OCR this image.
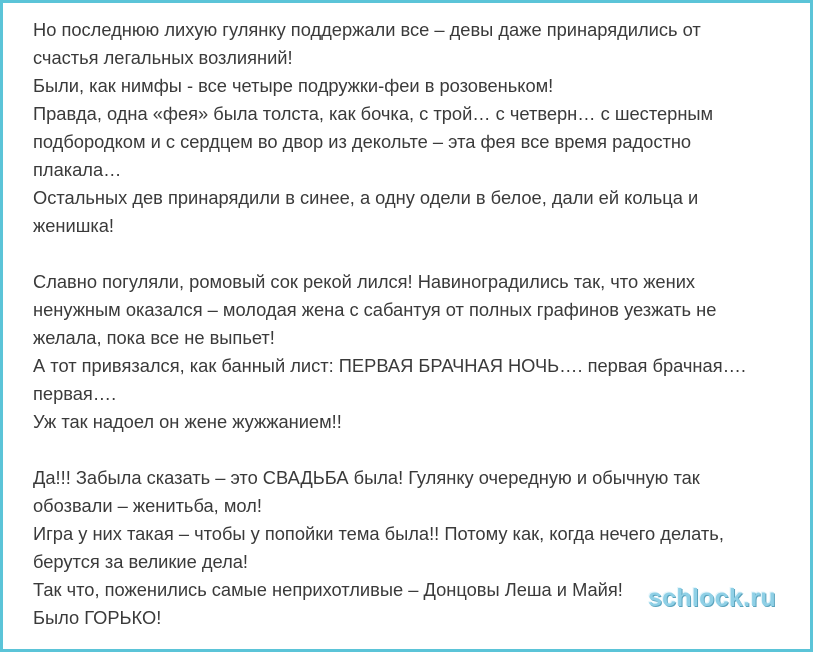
Но последнюю лихую гулянку поддержали все – девы даже принарядились от

счастья легальных возлияний!

Были, как нимфы - все четыре подружки-феи в розовеньком!

Правда, одна «фея» была толста, как бочка, с трой… с четверн… с шестерным

подбородком и с сердцем во двор из декольте – эта фея все время радостно

плакала…

Остальных дев принарядили в синее, а одну одели в белое, дали ей кольца и

женишка!

Славно погуляли, ромовый сок рекой лился! Навиноградились так, что жених

ненужным оказался – молодая жена с сабантуя от полных графинов уезжать не

желала, пока все не выпьет!

А тот привязался, как банный лист: ПЕРВАЯ БРАЧНАЯ НОЧЬ…. первая брачная….

первая….

Уж так надоел он жене жужжанием!!

Да!!! Забыла сказать – это СВАДЬБА была! Гулянку очередную и обычную так

обозвали – женитьба, мол!

Игра у них такая – чтобы у попойки тема была!! Потому как, когда нечего делать,

берутся за великие дела!

Так что, поженились самые неприхотливые – Донцовы Леша и Майя!

Было ГОРЬКО!

schlock.ru
